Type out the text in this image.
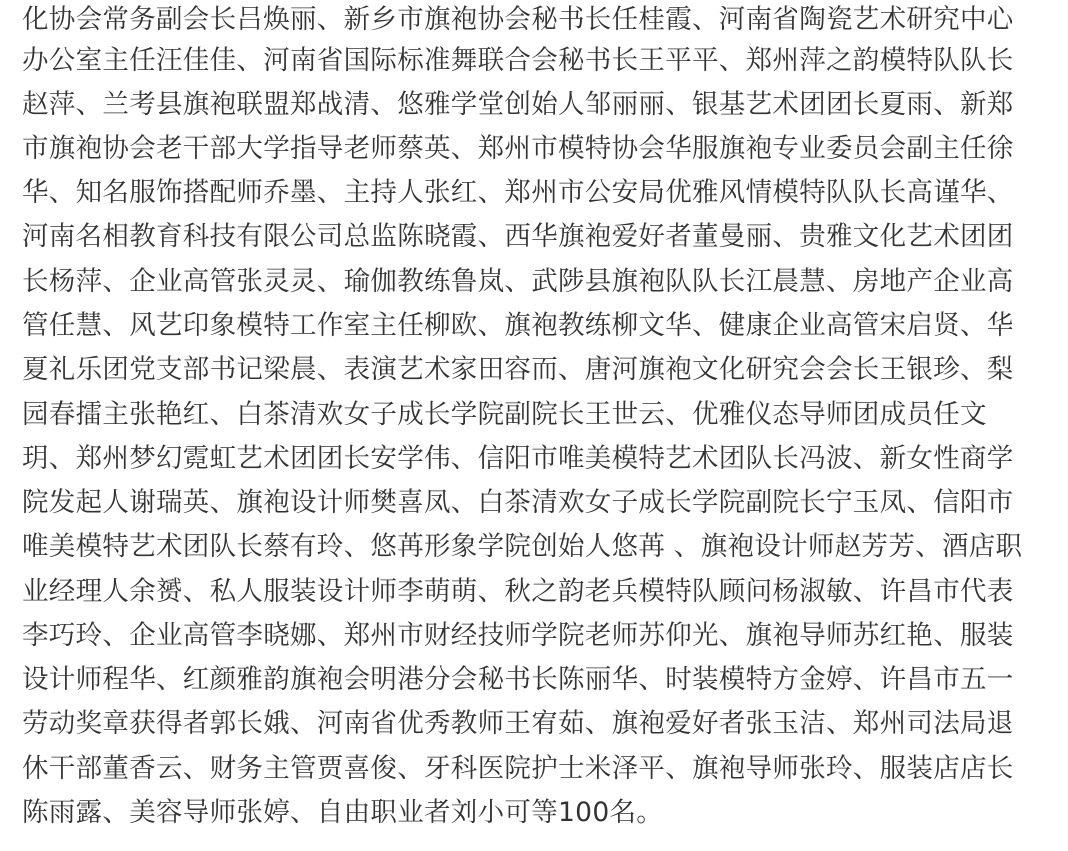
化协会常务副会长吕焕丽、新乡市旗袍协会秘书长任桂霞、河南省陶瓷艺术研究中心
办公室主任汪佳佳、河南省国际标准舞联合会秘书长王平平、郑州萍之韵模特队队长
赵萍、兰考县旗袍联盟郑战清、悠雅学堂创始人邹丽丽、银基艺术团团长夏雨、新郑
市旗袍协会老干部大学指导老师蔡英、郑州市模特协会华服旗袍专业委员会副主任徐
华、知名服饰搭配师乔墨、主持人张红、郑州市公安局优雅风情模特队队长高谨华、
河南名相教育科技有限公司总监陈晓霞、西华旗袍爱好者董曼丽、贵雅文化艺术团团
长杨萍、企业高管张灵灵、瑜伽教练鲁岚、武陟县旗袍队队长江晨慧、房地产企业高
管任慧、风艺印象模特工作室主任柳欧、旗袍教练柳文华、健康企业高管宋启贤、华
夏礼乐团党支部书记梁晨、表演艺术家田容而、唐河旗袍文化研究会会长王银珍、梨
园春擂主张艳红、白茶清欢女子成长学院副院长王世云、优雅仪态导师团成员任文
玥、郑州梦幻霓虹艺术团团长安学伟、信阳市唯美模特艺术团队长冯波、新女性商学
院发起人谢瑞英、旗袍设计师樊喜凤、白茶清欢女子成长学院副院长宁玉凤、信阳市
唯美模特艺术团队长蔡有玲、悠苒形象学院创始人悠苒 、旗袍设计师赵芳芳、酒店职
业经理人余赟、私人服装设计师李萌萌、秋之韵老兵模特队顾问杨淑敏、许昌市代表
李巧玲、企业高管李晓娜、郑州市财经技师学院老师苏仰光、旗袍导师苏红艳、服装
设计师程华、红颜雅韵旗袍会明港分会秘书长陈丽华、时装模特方金婷、许昌市五一
劳动奖章获得者郭长娥、河南省优秀教师王宥茹、旗袍爱好者张玉洁、郑州司法局退
休干部董香云、财务主管贾喜俊、牙科医院护士米泽平、旗袍导师张玲、服装店店长
陈雨露、美容导师张婷、自由职业者刘小可等100名。
